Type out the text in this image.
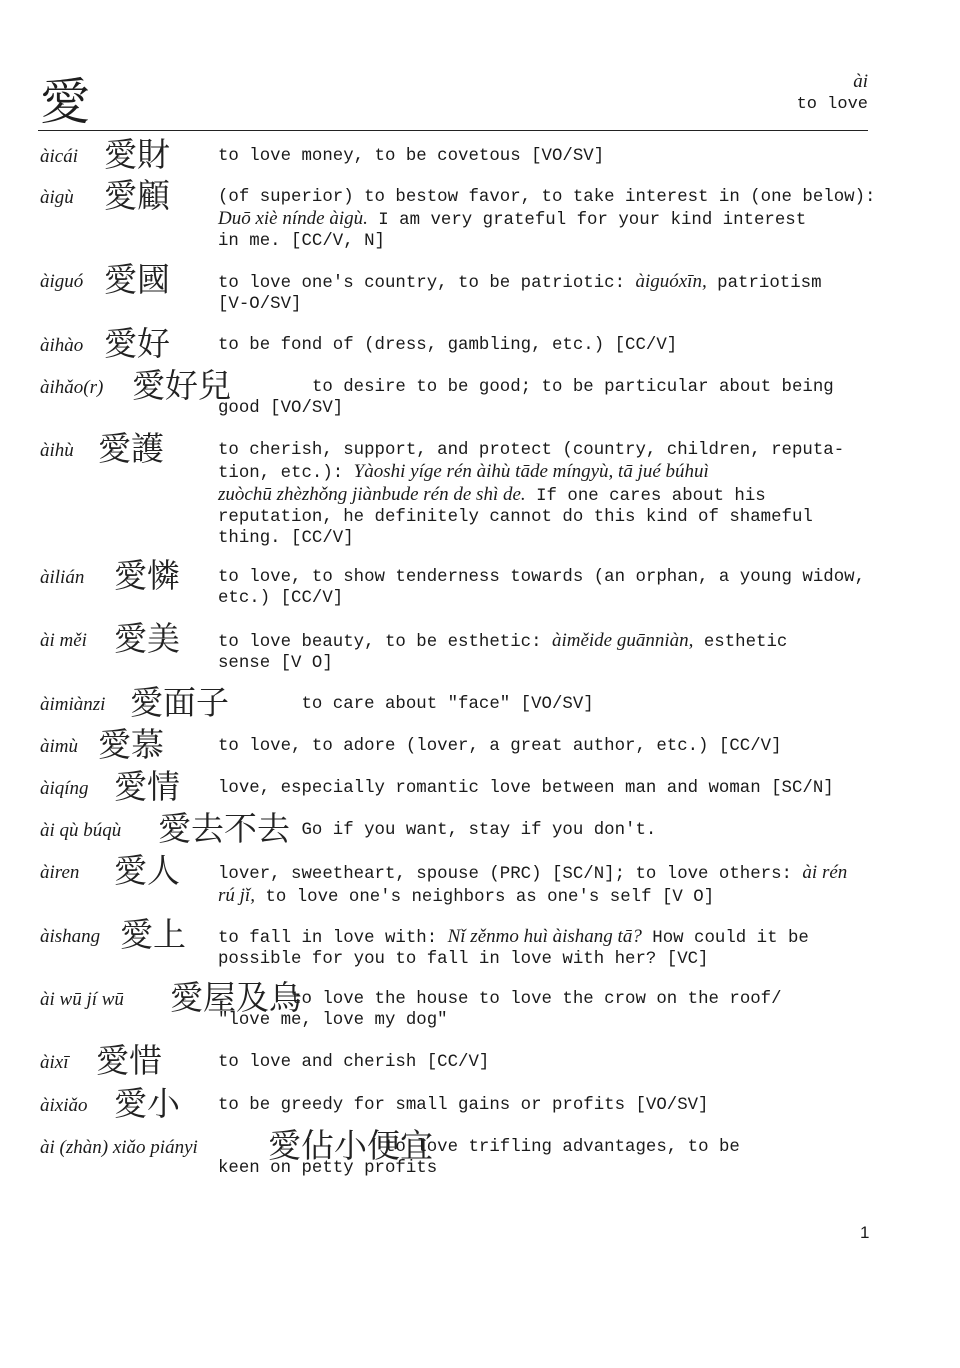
愛	ài
to love
àicái 愛財	to love money, to be covetous [VO/SV]
àigù 愛顧	(of superior) to bestow favor, to take interest in (one below):
Duō xiè nínde àigù. I am very grateful for your kind interest
in me. [CC/V, N]
àiguó 愛國	to love one's country, to be patriotic: àiguóxīn, patriotism
[V-O/SV]
àihào 愛好	to be fond of (dress, gambling, etc.) [CC/V]
àihǎo(r) 愛好兒	to desire to be good; to be particular about being
good [VO/SV]
àihù 愛護	to cherish, support, and protect (country, children, reputa-
tion, etc.): Yàoshi yíge rén àihù tāde míngyù, tā jué búhuì
zuòchū zhèzhǒng jiànbude rén de shì de. If one cares about his
reputation, he definitely cannot do this kind of shameful
thing. [CC/V]
àilián 愛憐 to love, to show tenderness towards (an orphan, a young widow,
etc.) [CC/V]
ài měi 愛美 to love beauty, to be esthetic: àiměide guānniàn, esthetic
sense [V O]
àimiànzi 愛面子	to care about "face" [VO/SV]
àimù 愛慕	to love, to adore (lover, a great author, etc.) [CC/V]
àiqíng 愛情 love, especially romantic love between man and woman [SC/N]
ài qù búqù 愛去不去 Go if you want, stay if you don't.
àiren 愛人 lover, sweetheart, spouse (PRC) [SC/N]; to love others: ài rén
rú jǐ, to love one's neighbors as one's self [V O]
àishang 愛上 to fall in love with: Nǐ zěnmo huì àishang tā? How could it be
possible for you to fall in love with her? [VC]
ài wū jí wū 愛屋及烏
to love the house to love the crow on the roof/
"love me, love my dog"
àixī 愛惜	to love and cherish [CC/V]
àixiǎo 愛小 to be greedy for small gains or profits [VO/SV]
ài (zhàn) xiǎo piányi 愛佔小便宜
to love trifling advantages, to be
keen on petty profits
1
